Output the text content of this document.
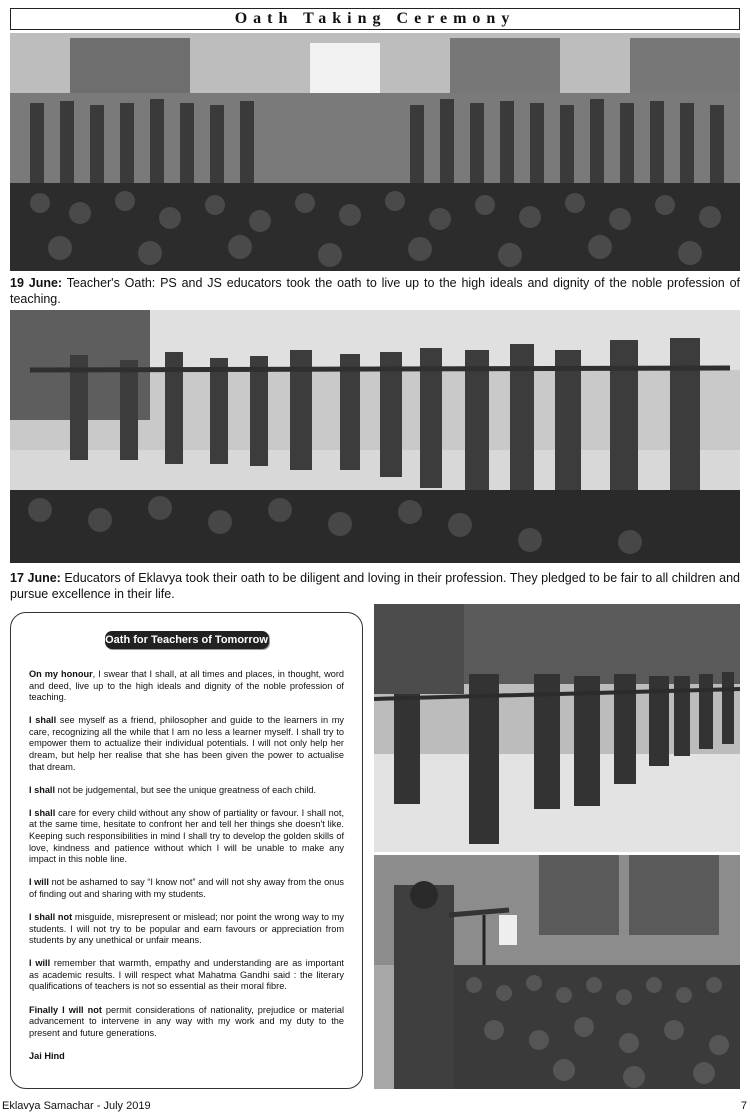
Oath Taking Ceremony
19 June: Teacher's Oath: PS and JS educators took the oath to live up to the high ideals and dignity of the noble profession of teaching.
17 June: Educators of Eklavya took their oath to be diligent and loving in their profession. They pledged to be fair to all children and pursue excellence in their life.
Oath for Teachers of Tomorrow

On my honour, I swear that I shall, at all times and places, in thought, word and deed, live up to the high ideals and dignity of the noble profession of teaching.

I shall see myself as a friend, philosopher and guide to the learners in my care, recognizing all the while that I am no less a learner myself. I shall try to empower them to actualize their individual potentials. I will not only help her dream, but help her realise that she has been given the power to actualise that dream.

I shall not be judgemental, but see the unique greatness of each child.

I shall care for every child without any show of partiality or favour. I shall not, at the same time, hesitate to confront her and tell her things she doesn't like. Keeping such responsibilities in mind I shall try to develop the golden skills of love, kindness and patience without which I will be unable to make any impact in this noble line.

I will not be ashamed to say “I know not” and will not shy away from the onus of finding out and sharing with my students.

I shall not misguide, misrepresent or mislead; nor point the wrong way to my students. I will not try to be popular and earn favours or appreciation from students by any unethical or unfair means.

I will remember that warmth, empathy and understanding are as important as academic results. I will respect what Mahatma Gandhi said : the literary qualifications of teachers is not so essential as their moral fibre.

Finally I will not permit considerations of nationality, prejudice or material advancement to intervene in any way with my work and my duty to the present and future generations.

Jai Hind

Eklavya Samachar - July 2019	7
